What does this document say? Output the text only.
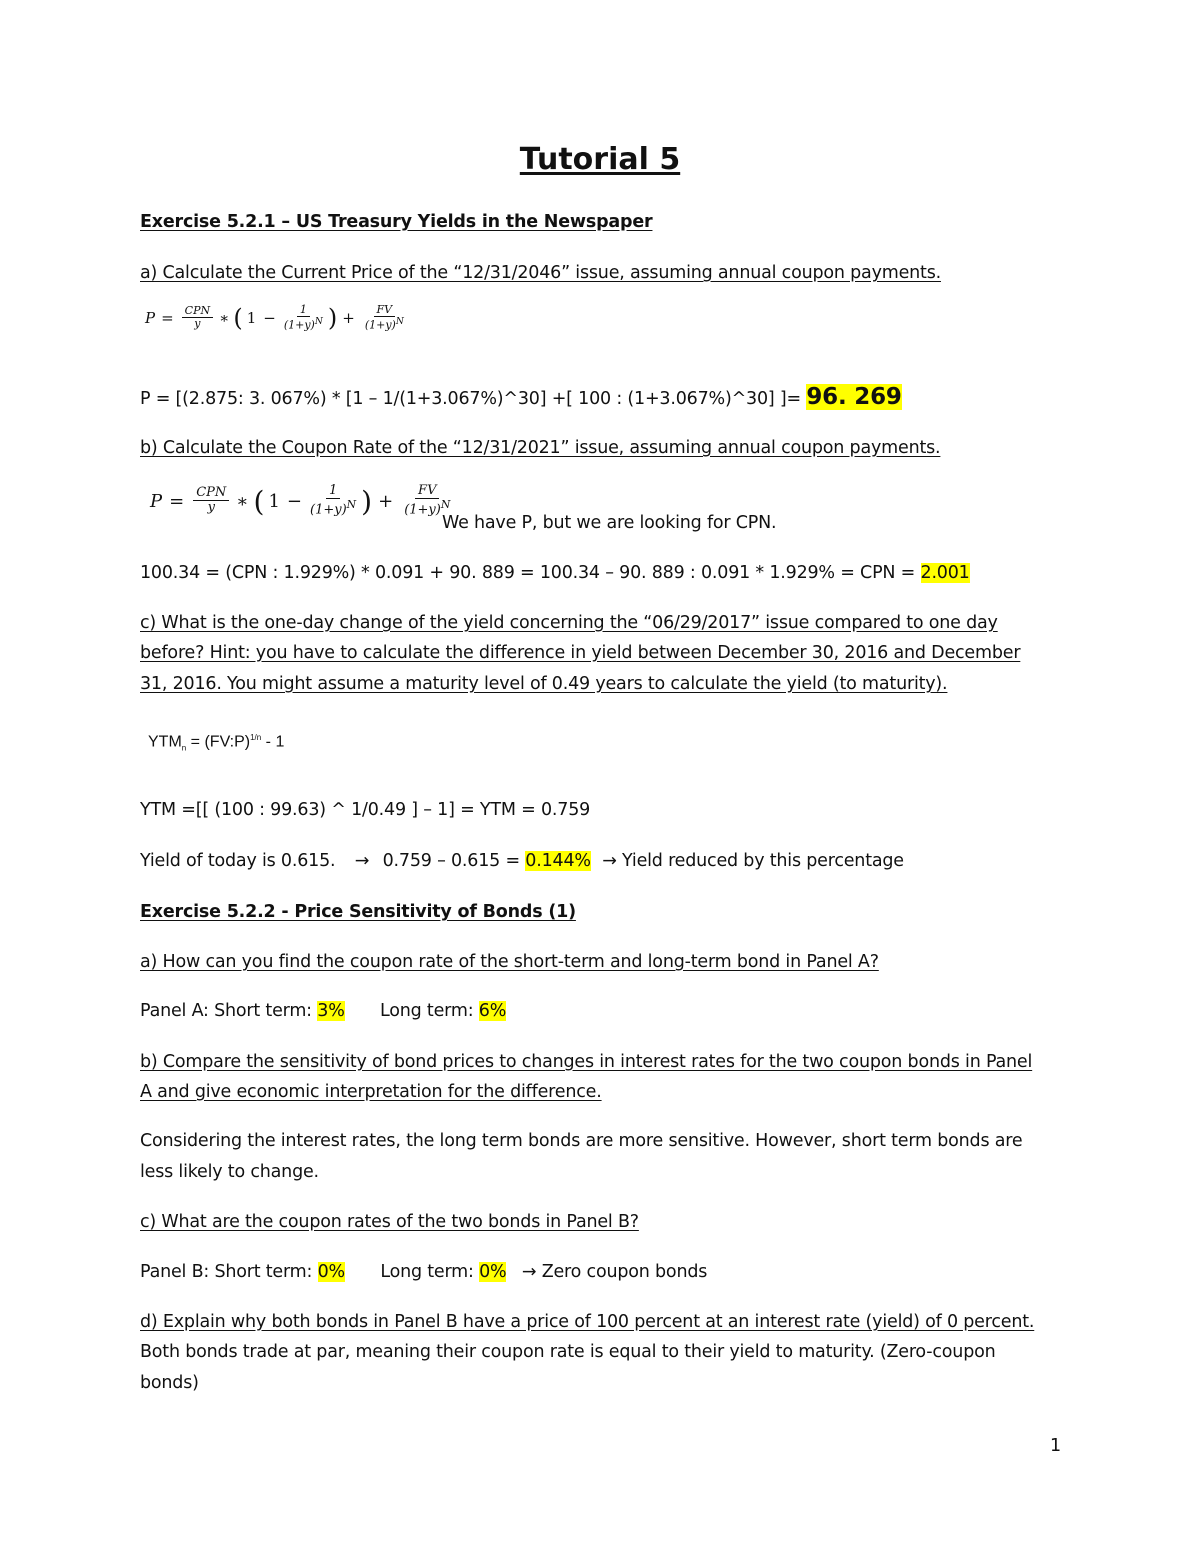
Tutorial 5
Exercise 5.2.1 – US Treasury Yields in the Newspaper
a) Calculate the Current Price of the “12/31/2046” issue, assuming annual coupon payments.
$P = \frac{\text{CPN}}{y}$ ∗ ( $1 - \frac{1}{(1+y)^N}$ ) + $\frac{FV}{(1+y)^N}$
P = [(2.875: 3. 067%) * [1 – 1/(1+3.067%)^30] +[ 100 : (1+3.067%)^30] ]= 96. 269
b) Calculate the Coupon Rate of the “12/31/2021” issue, assuming annual coupon payments.
$P = \frac{\text{CPN}}{y}$ ∗ ( $1 - \frac{1}{(1+y)^N}$ ) + $\frac{FV}{(1+y)^N}$
We have P, but we are looking for CPN.
100.34 = (CPN : 1.929%) * 0.091 + 90. 889 = 100.34 – 90. 889 : 0.091 * 1.929% = CPN = 2.001
c) What is the one-day change of the yield concerning the “06/29/2017” issue compared to one day
before? Hint: you have to calculate the difference in yield between December 30, 2016 and December
31, 2016. You might assume a maturity level of 0.49 years to calculate the yield (to maturity).
$YTM_n$ = (FV:P)$^{1/n}$ - 1
YTM =[[ (100 : 99.63) ^ 1/0.49 ] – 1] = YTM = 0.759
Yield of today is 0.615. → 0.759 – 0.615 = 0.144% → Yield reduced by this percentage
Exercise 5.2.2 - Price Sensitivity of Bonds (1)
a) How can you find the coupon rate of the short-term and long-term bond in Panel A?
Panel A: Short term: 3% Long term: 6%
b) Compare the sensitivity of bond prices to changes in interest rates for the two coupon bonds in Panel
A and give economic interpretation for the difference.
Considering the interest rates, the long term bonds are more sensitive. However, short term bonds are
less likely to change.
c) What are the coupon rates of the two bonds in Panel B?
Panel B: Short term: 0% Long term: 0% → Zero coupon bonds
d) Explain why both bonds in Panel B have a price of 100 percent at an interest rate (yield) of 0 percent.
Both bonds trade at par, meaning their coupon rate is equal to their yield to maturity. (Zero-coupon
bonds)
1
